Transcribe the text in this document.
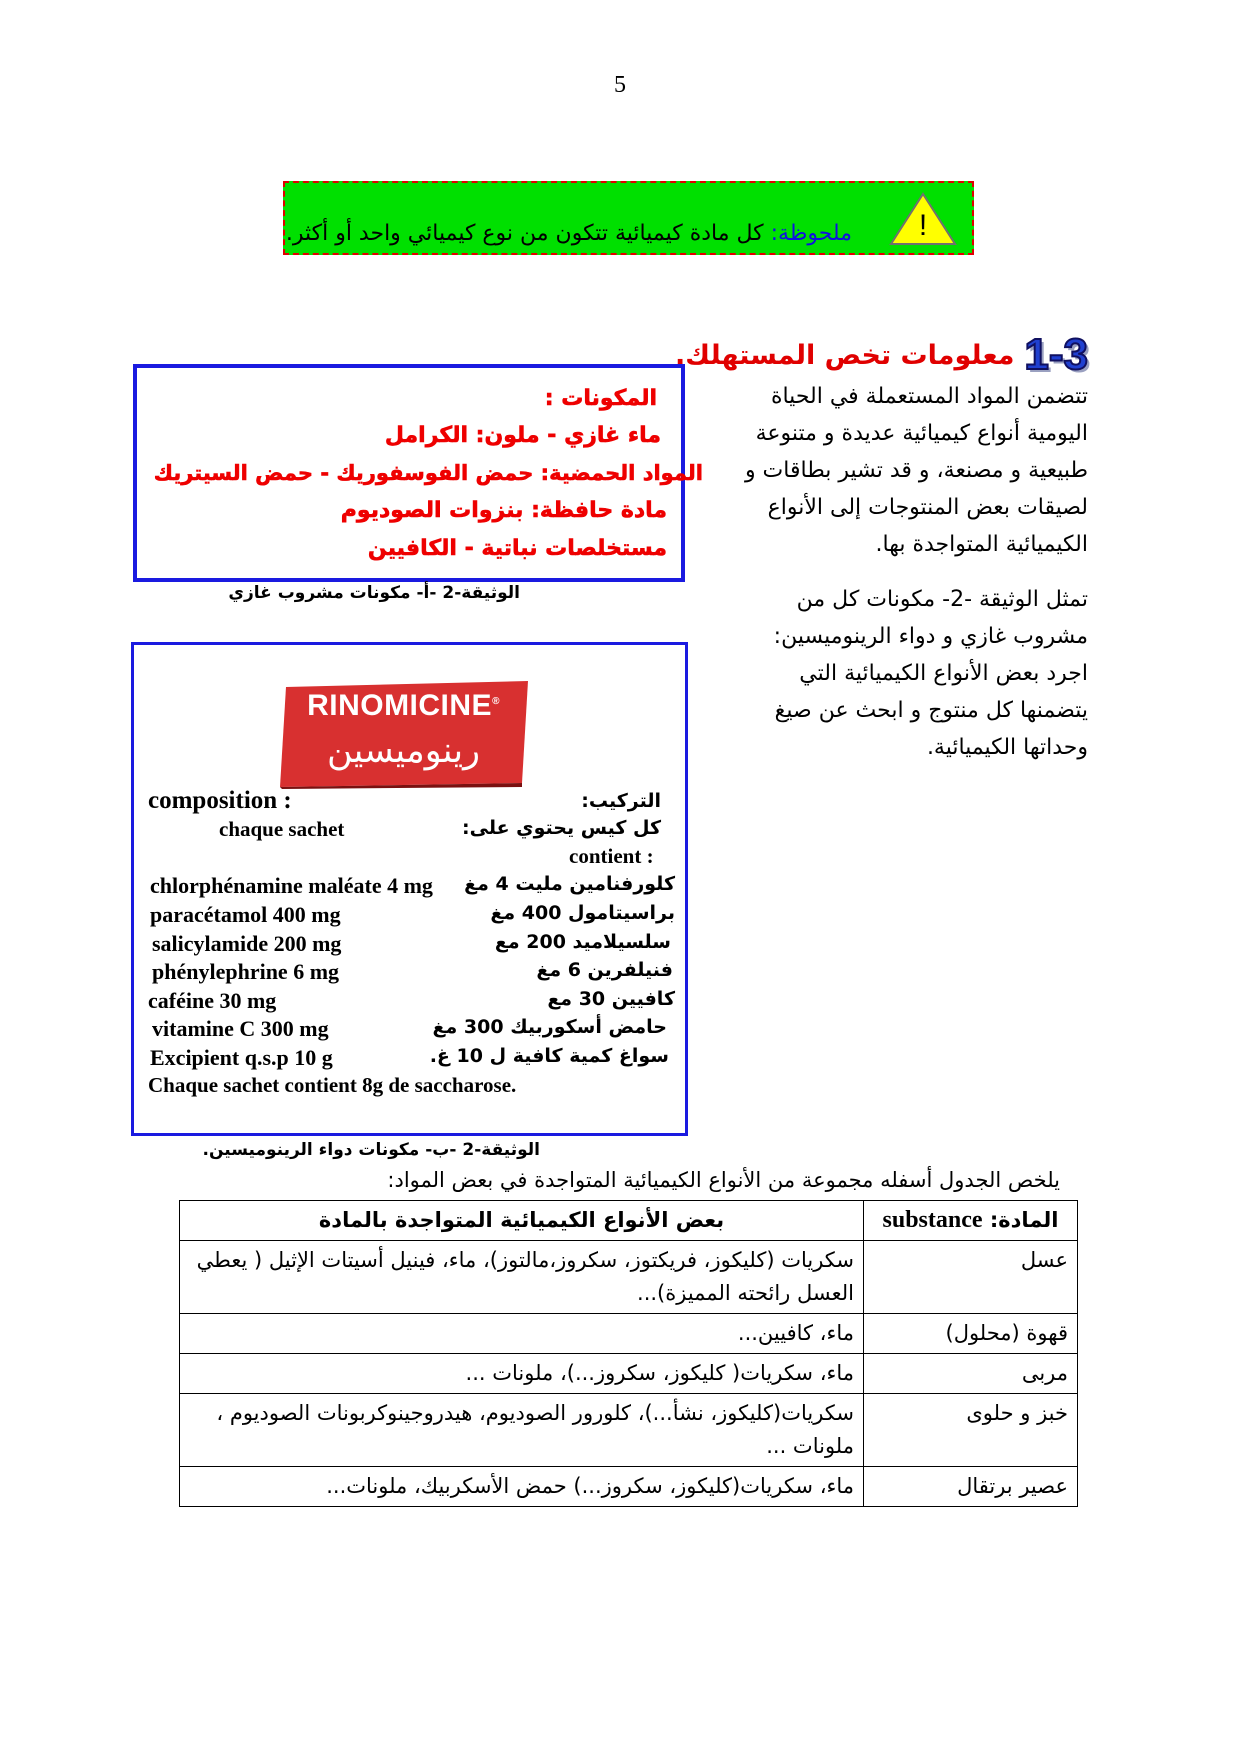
5
ملحوظة: كل مادة كيميائية تتكون من نوع كيميائي واحد أو أكثر.	!
1-3
معلومات تخص المستهلك.
تتضمن المواد المستعملة في الحياة
اليومية أنواع كيميائية عديدة و متنوعة
طبيعية و مصنعة، و قد تشير بطاقات و
لصيقات بعض المنتوجات إلى الأنواع
الكيميائية المتواجدة بها.
تمثل الوثيقة -2- مكونات كل من
مشروب غازي و دواء الرينوميسين:
اجرد بعض الأنواع الكيميائية التي
يتضمنها كل منتوج و ابحث عن صيغ
وحداتها الكيميائية.
المكونات :
ماء غازي - ملون: الكرامل
المواد الحمضية: حمض الفوسفوريك - حمض السيتريك
مادة حافظة: بنزوات الصوديوم
مستخلصات نباتية - الكافيين
الوثيقة-2 -أ- مكونات مشروب غازي
RINOMICINE®
رينوميسين
composition :	التركيب:
chaque sachet	كل كيس يحتوي على:
contient :
chlorphénamine maléate 4 mg كلورفنامين مليت 4 مغ
paracétamol 400 mg	براسيتامول 400 مغ
salicylamide 200 mg	سلسيلاميد 200 مع
phénylephrine 6 mg	فنيلفرين 6 مغ
caféine 30 mg	كافيين 30 مع
vitamine C 300 mg	حامض أسكوربيك 300 مغ
Excipient q.s.p 10 g	سواغ كمية كافية ل 10 غ.
Chaque sachet contient 8g de saccharose.
الوثيقة-2 -ب- مكونات دواء الرينوميسين.
يلخص الجدول أسفله مجموعة من الأنواع الكيميائية المتواجدة في بعض المواد:
المادة: substance	بعض الأنواع الكيميائية المتواجدة بالمادة
عسل	سكريات (كليكوز، فريكتوز، سكروز،مالتوز)، ماء، فينيل أسيتات الإثيل ( يعطي العسل رائحته المميزة)...
قهوة (محلول)	ماء، كافيين...
مربى	ماء، سكريات( كليكوز، سكروز...)، ملونات ...
خبز و حلوى	سكريات(كليكوز، نشأ...)، كلورور الصوديوم، هيدروجينوكربونات الصوديوم ، ملونات ...
عصير برتقال	ماء، سكريات(كليكوز، سكروز...) حمض الأسكربيك، ملونات...
